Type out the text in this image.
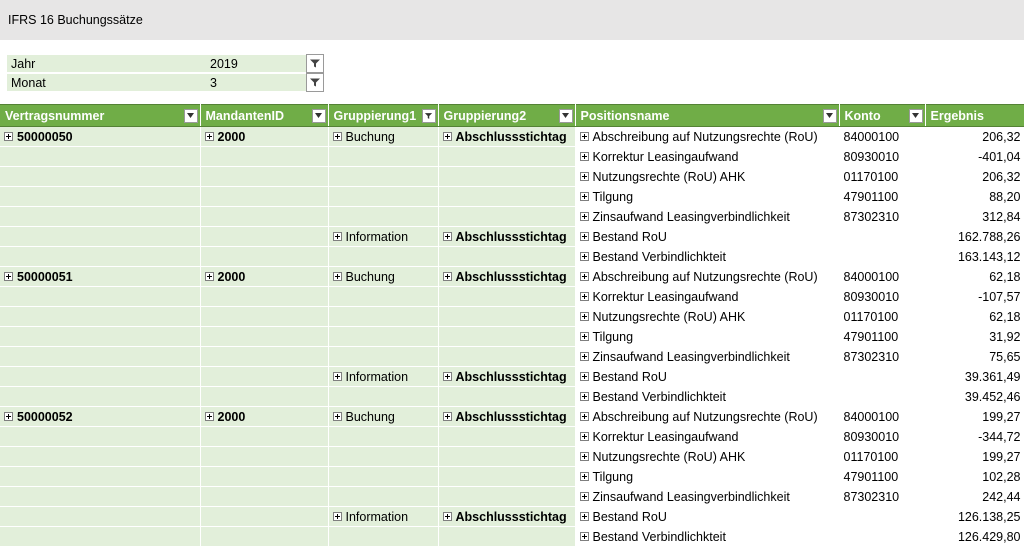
IFRS 16 Buchungssätze
Jahr	2019
Monat	3
Vertragsnummer	MandantenID	Gruppierung1	Gruppierung2	Positionsname	Konto	Ergebnis

50000050	2000	Buchung	Abschlussstichtag	Abschreibung auf Nutzungsrechte (RoU)	84000100	206,32

				Korrektur Leasingaufwand	80930010	-401,04

				Nutzungsrechte (RoU) AHK	01170100	206,32

				Tilgung	47901100	88,20

				Zinsaufwand Leasingverbindlichkeit	87302310	312,84

		Information	Abschlussstichtag	Bestand RoU		162.788,26

				Bestand Verbindlichkteit		163.143,12

50000051	2000	Buchung	Abschlussstichtag	Abschreibung auf Nutzungsrechte (RoU)	84000100	62,18

				Korrektur Leasingaufwand	80930010	-107,57

				Nutzungsrechte (RoU) AHK	01170100	62,18

				Tilgung	47901100	31,92

				Zinsaufwand Leasingverbindlichkeit	87302310	75,65

		Information	Abschlussstichtag	Bestand RoU		39.361,49

				Bestand Verbindlichkteit		39.452,46

50000052	2000	Buchung	Abschlussstichtag	Abschreibung auf Nutzungsrechte (RoU)	84000100	199,27

				Korrektur Leasingaufwand	80930010	-344,72

				Nutzungsrechte (RoU) AHK	01170100	199,27

				Tilgung	47901100	102,28

				Zinsaufwand Leasingverbindlichkeit	87302310	242,44

		Information	Abschlussstichtag	Bestand RoU		126.138,25

				Bestand Verbindlichkteit		126.429,80
